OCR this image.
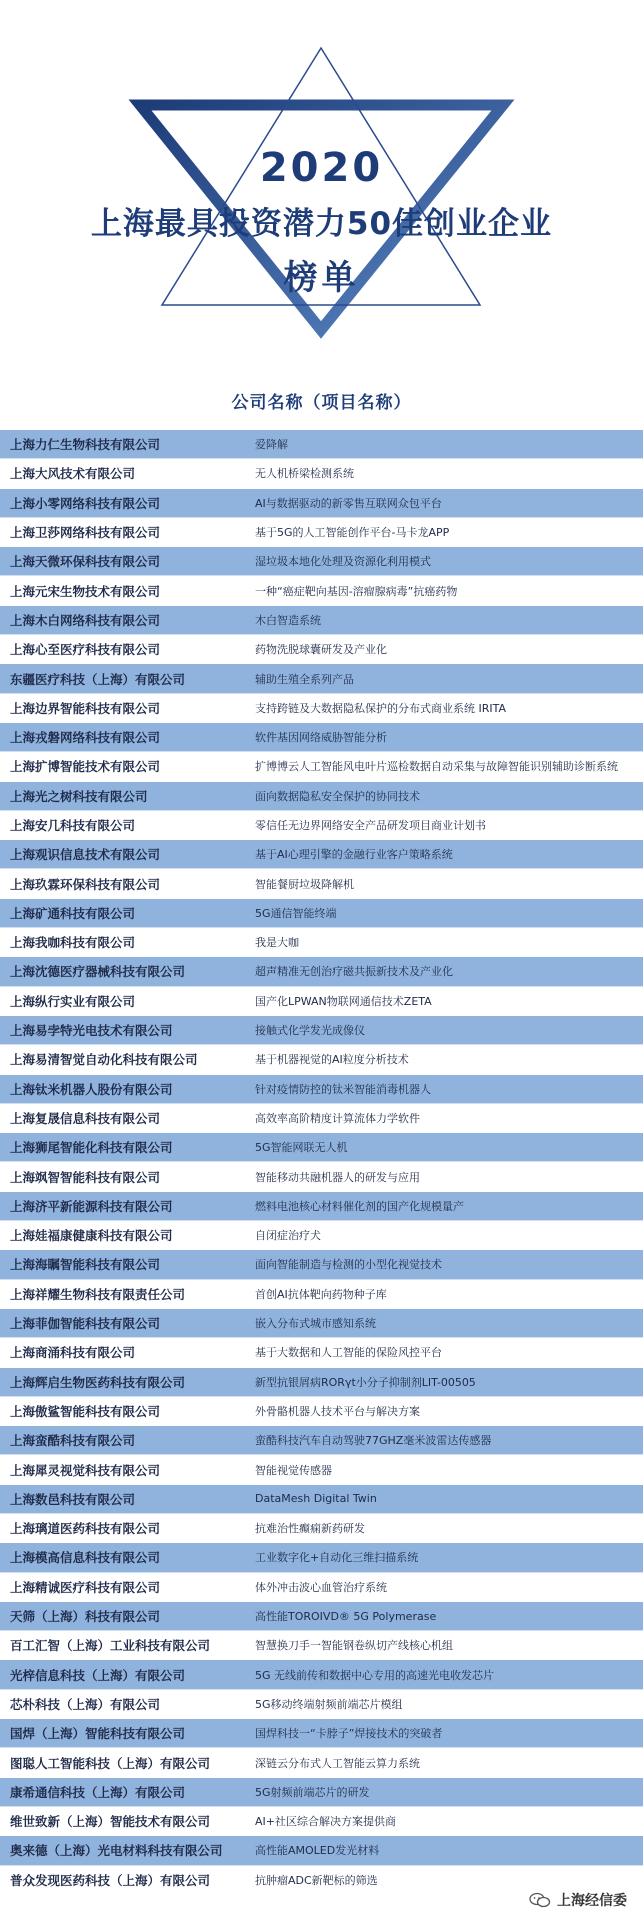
2020
上海最具投资潜力50佳创业企业
榜单
公司名称（项目名称）
上海力仁生物科技有限公司	爱降解
上海大风技术有限公司	无人机桥梁检测系统
上海小零网络科技有限公司	AI与数据驱动的新零售互联网众包平台
上海卫莎网络科技有限公司	基于5G的人工智能创作平台-马卡龙APP
上海天微环保科技有限公司	湿垃圾本地化处理及资源化利用模式
上海元宋生物技术有限公司	一种“癌症靶向基因-溶瘤腺病毒”抗癌药物
上海木白网络科技有限公司	木白智造系统
上海心至医疗科技有限公司	药物洗脱球囊研发及产业化
东疆医疗科技（上海）有限公司	辅助生殖全系列产品
上海边界智能科技有限公司	支持跨链及大数据隐私保护的分布式商业系统 IRITA
上海戎磐网络科技有限公司	软件基因网络威胁智能分析
上海扩博智能技术有限公司	扩博博云人工智能风电叶片巡检数据自动采集与故障智能识别辅助诊断系统
上海光之树科技有限公司	面向数据隐私安全保护的协同技术
上海安几科技有限公司	零信任无边界网络安全产品研发项目商业计划书
上海观识信息技术有限公司	基于AI心理引擎的金融行业客户策略系统
上海玖霖环保科技有限公司	智能餐厨垃圾降解机
上海矿通科技有限公司	5G通信智能终端
上海我咖科技有限公司	我是大咖
上海沈德医疗器械科技有限公司	超声精准无创治疗磁共振新技术及产业化
上海纵行实业有限公司	国产化LPWAN物联网通信技术ZETA
上海易孛特光电技术有限公司	接触式化学发光成像仪
上海易清智觉自动化科技有限公司	基于机器视觉的AI粒度分析技术
上海钛米机器人股份有限公司	针对疫情防控的钛米智能消毒机器人
上海复晟信息科技有限公司	高效率高阶精度计算流体力学软件
上海狮尾智能化科技有限公司	5G智能网联无人机
上海飒智智能科技有限公司	智能移动共融机器人的研发与应用
上海济平新能源科技有限公司	燃料电池核心材料催化剂的国产化规模量产
上海娃福康健康科技有限公司	自闭症治疗犬
上海海瞩智能科技有限公司	面向智能制造与检测的小型化视觉技术
上海祥耀生物科技有限责任公司	首创AI抗体靶向药物种子库
上海菲伽智能科技有限公司	嵌入分布式城市感知系统
上海商涌科技有限公司	基于大数据和人工智能的保险风控平台
上海辉启生物医药科技有限公司	新型抗银屑病RORγt小分子抑制剂LIT-00505
上海傲鲨智能科技有限公司	外骨骼机器人技术平台与解决方案
上海蛮酷科技有限公司	蛮酷科技汽车自动驾驶77GHZ毫米波雷达传感器
上海犀灵视觉科技有限公司	智能视觉传感器
上海数邑科技有限公司	DataMesh Digital Twin
上海璃道医药科技有限公司	抗难治性癫痫新药研发
上海模高信息科技有限公司	工业数字化+自动化三维扫描系统
上海精诚医疗科技有限公司	体外冲击波心血管治疗系统
天筛（上海）科技有限公司	高性能TOROIVD® 5G Polymerase
百工汇智（上海）工业科技有限公司	智慧换刀手一智能钢卷纵切产线核心机组
光梓信息科技（上海）有限公司	5G 无线前传和数据中心专用的高速光电收发芯片
芯朴科技（上海）有限公司	5G移动终端射频前端芯片模组
国焊（上海）智能科技有限公司	国焊科技一“卡脖子”焊接技术的突破者
图聪人工智能科技（上海）有限公司	深链云分布式人工智能云算力系统
康希通信科技（上海）有限公司	5G射频前端芯片的研发
维世致新（上海）智能技术有限公司	AI+社区综合解决方案提供商
奥来德（上海）光电材料科技有限公司	高性能AMOLED发光材料
普众发现医药科技（上海）有限公司	抗肿瘤ADC新靶标的筛选
上海经信委
